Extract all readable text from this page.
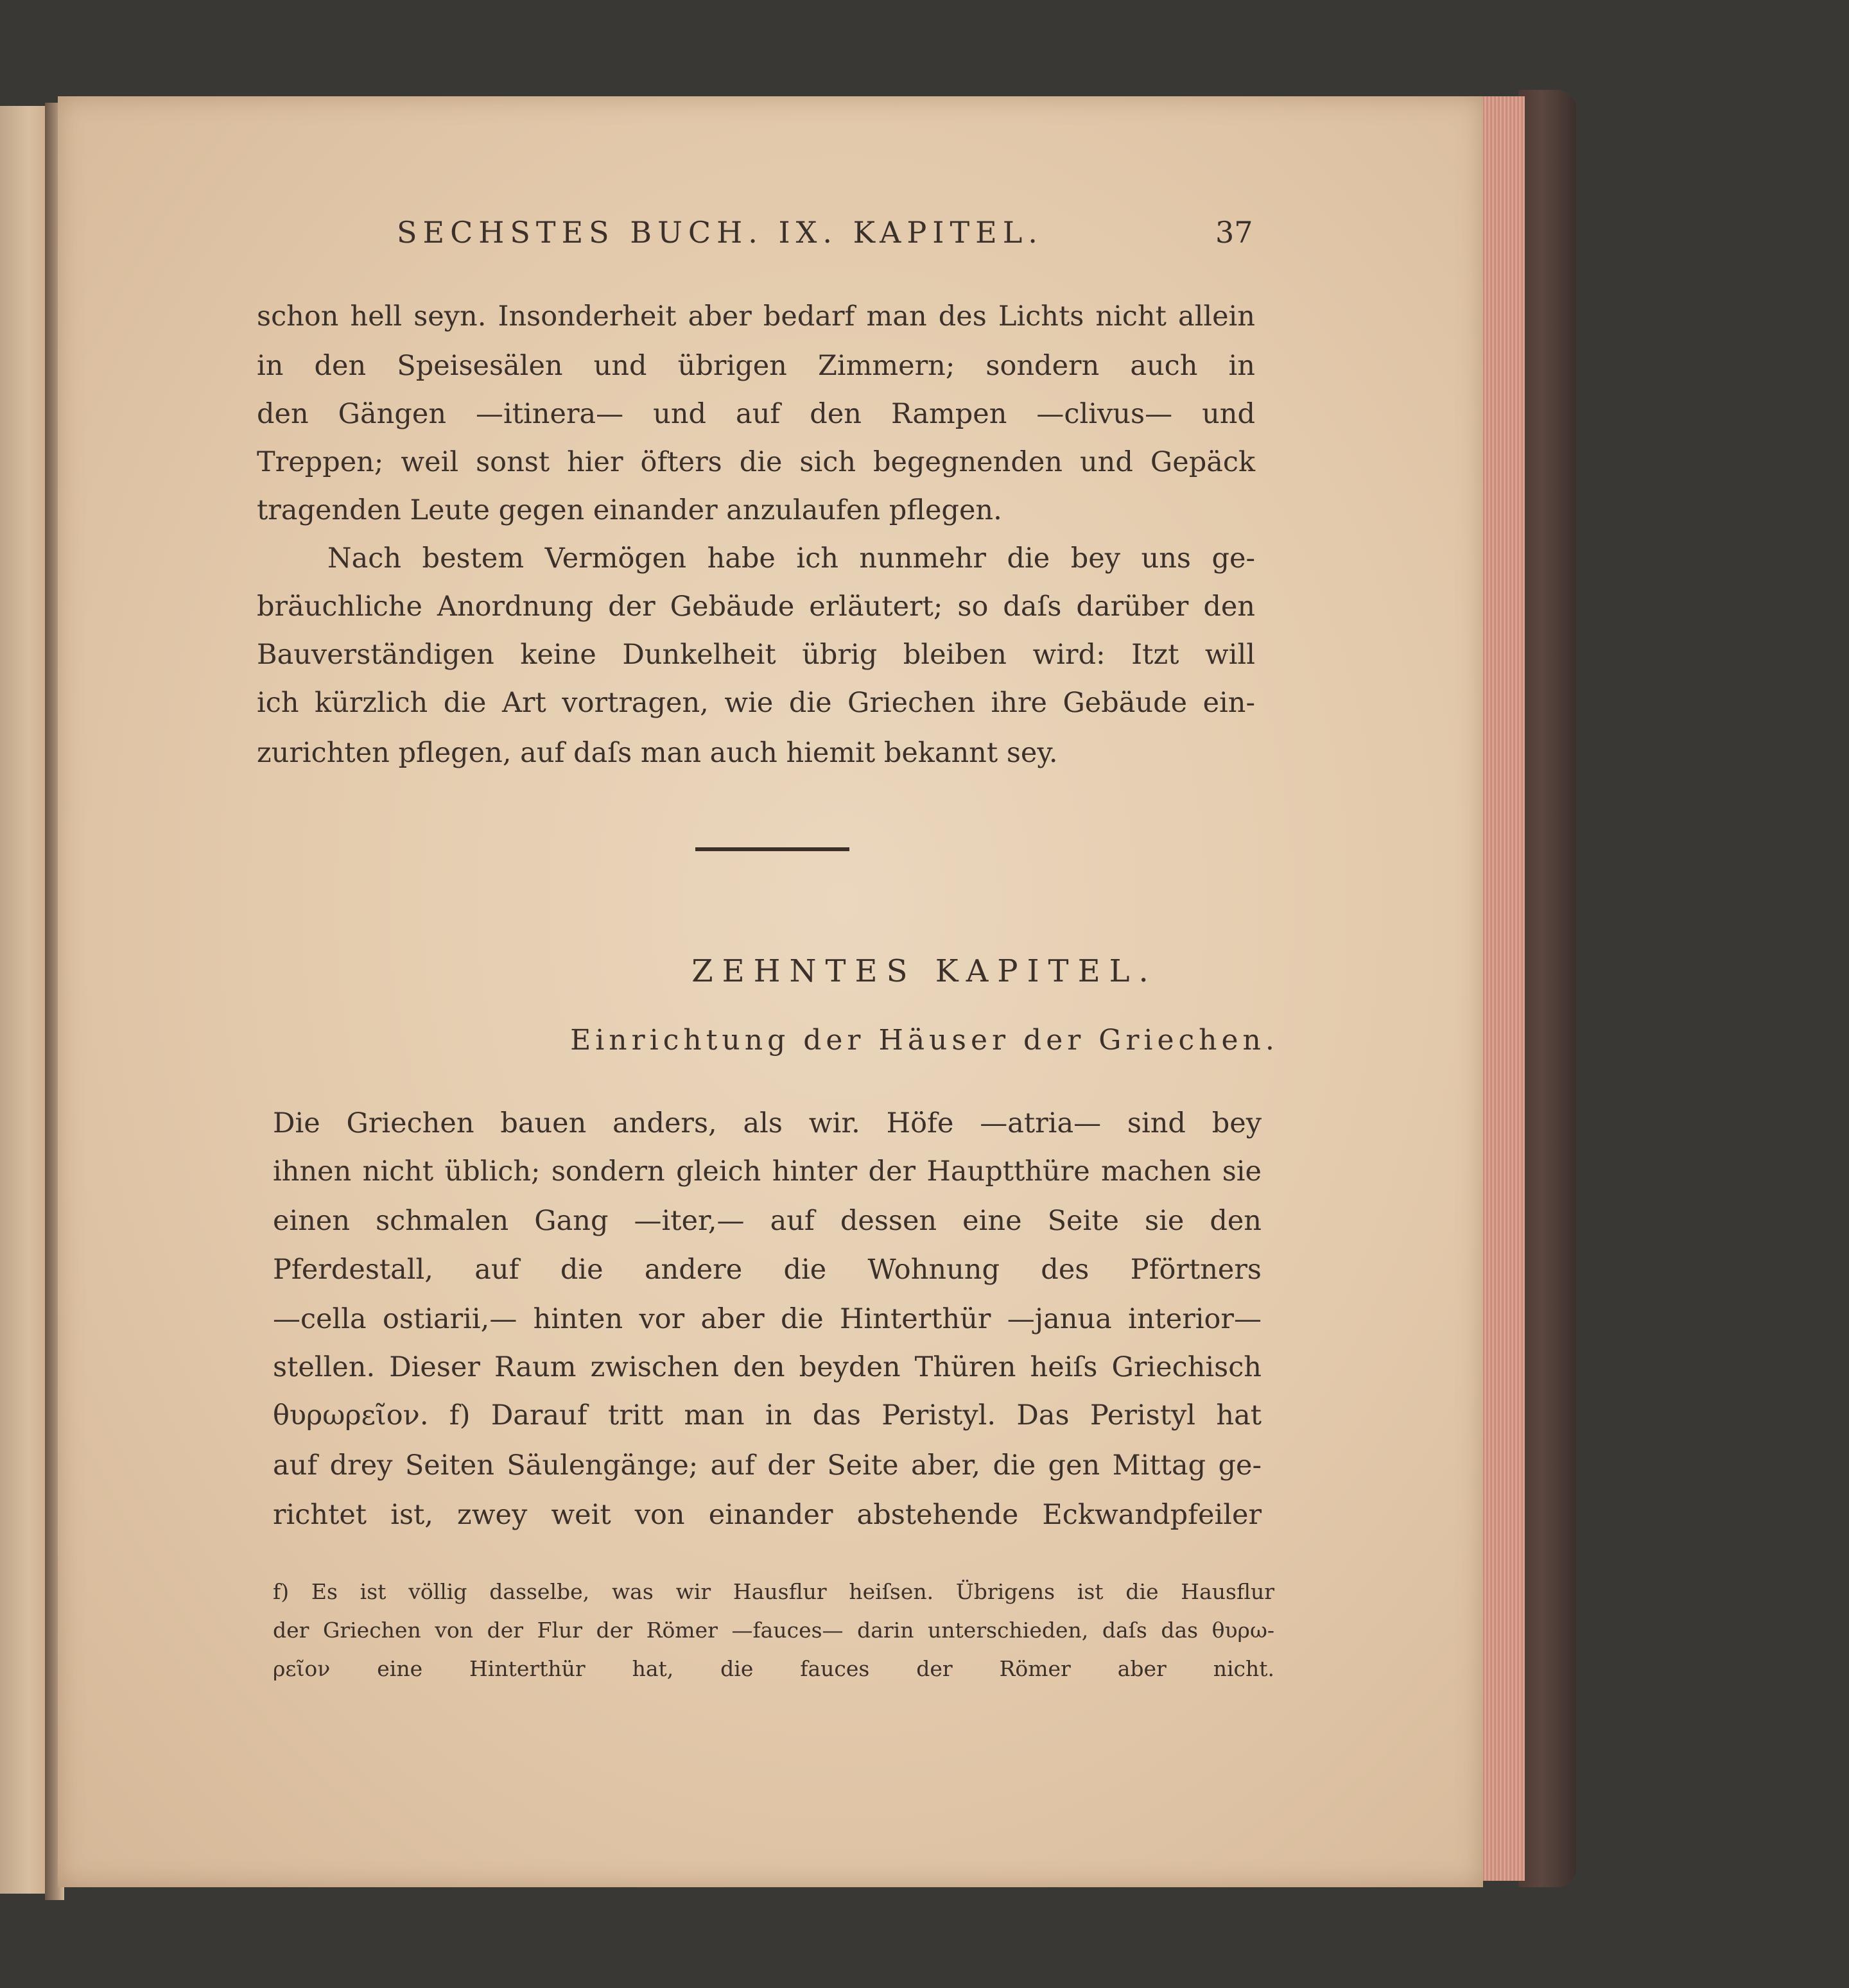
SECHSTES BUCH. IX. KAPITEL.	37

schon hell seyn. Insonderheit aber bedarf man des Lichts nicht allein

in den Speisesälen und übrigen Zimmern; sondern auch in

den Gängen —itinera— und auf den Rampen —clivus— und

Treppen; weil sonst hier öfters die sich begegnenden und Gepäck

tragenden Leute gegen einander anzulaufen pflegen.

Nach bestem Vermögen habe ich nunmehr die bey uns ge-

bräuchliche Anordnung der Gebäude erläutert; so daſs darüber den

Bauverständigen keine Dunkelheit übrig bleiben wird: Itzt will

ich kürzlich die Art vortragen, wie die Griechen ihre Gebäude ein-

zurichten pflegen, auf daſs man auch hiemit bekannt sey.

ZEHNTES KAPITEL.

Einrichtung der Häuser der Griechen.

Die Griechen bauen anders, als wir. Höfe —atria— sind bey

ihnen nicht üblich; sondern gleich hinter der Hauptthüre machen sie

einen schmalen Gang —iter,— auf dessen eine Seite sie den

Pferdestall, auf die andere die Wohnung des Pförtners

—cella ostiarii,— hinten vor aber die Hinterthür —janua interior—

stellen. Dieser Raum zwischen den beyden Thüren heiſs Griechisch

θυρωρεῖον. f) Darauf tritt man in das Peristyl. Das Peristyl hat

auf drey Seiten Säulengänge; auf der Seite aber, die gen Mittag ge-

richtet ist, zwey weit von einander abstehende Eckwandpfeiler

f) Es ist völlig dasselbe, was wir Hausflur heiſsen. Übrigens ist die Hausflur

der Griechen von der Flur der Römer —fauces— darin unterschieden, daſs das θυρω-

ρεῖον eine Hinterthür hat, die fauces der Römer aber nicht.
